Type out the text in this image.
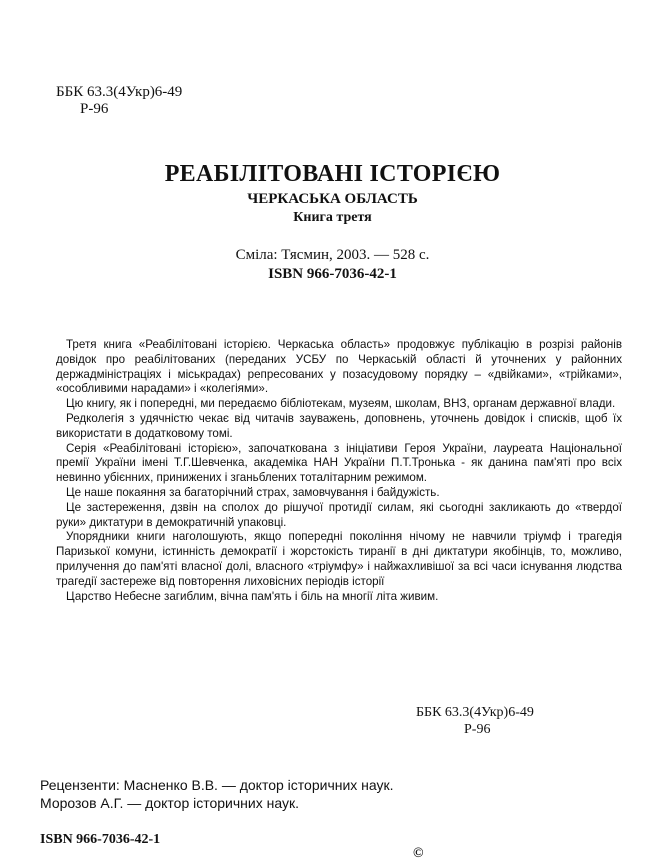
ББК 63.3(4Укр)6-49
Р-96
РЕАБІЛІТОВАНІ ІСТОРІЄЮ
ЧЕРКАСЬКА ОБЛАСТЬ
Книга третя
Сміла: Тясмин, 2003. — 528 с.
ISBN 966-7036-42-1

Третя книга «Реабілітовані історією. Черкаська область» продовжує публікацію в розрізі районів довідок про реабілітованих (переданих УСБУ по Черкаській області й уточнених у районних держадміністраціях і міськрадах) репресованих у позасудовому порядку – «двійками», «трійками», «особливими нарадами» і «колегіями».

Цю книгу, як і попередні, ми передаємо бібліотекам, музеям, школам, ВНЗ, органам державної влади.

Редколегія з удячністю чекає від читачів зауважень, доповнень, уточнень довідок і списків, щоб їх використати в додатковому томі.

Серія «Реабілітовані історією», започаткована з ініціативи Героя України, лауреата Національної премії України імені Т.Г.Шевченка, академіка НАН України П.Т.Тронька - як данина пам'яті про всіх невинно убієнних, принижених і зганьблених тоталітарним режимом.

Це наше покаяння за багаторічний страх, замовчування і байдужість.

Це застереження, дзвін на сполох до рішучої протидії силам, які сьогодні закликають до «твердої руки» диктатури в демократичній упаковці.

Упорядники книги наголошують, якщо попередні покоління нічому не навчили тріумф і трагедія Паризької комуни, істинність демократії і жорстокість тиранії в дні диктатури якобінців, то, можливо, прилучення до пам'яті власної долі, власного «тріумфу» і найжахливішої за всі часи існування людства трагедії застереже від повторення лиховісних періодів історії

Царство Небесне загиблим, вічна пам'ять і біль на многії літа живим.

ББК 63.3(4Укр)6-49
Р-96
Рецензенти: Масненко В.В. — доктор історичних наук.
Морозов А.Г. — доктор історичних наук.
ISBN 966-7036-42-1
©
